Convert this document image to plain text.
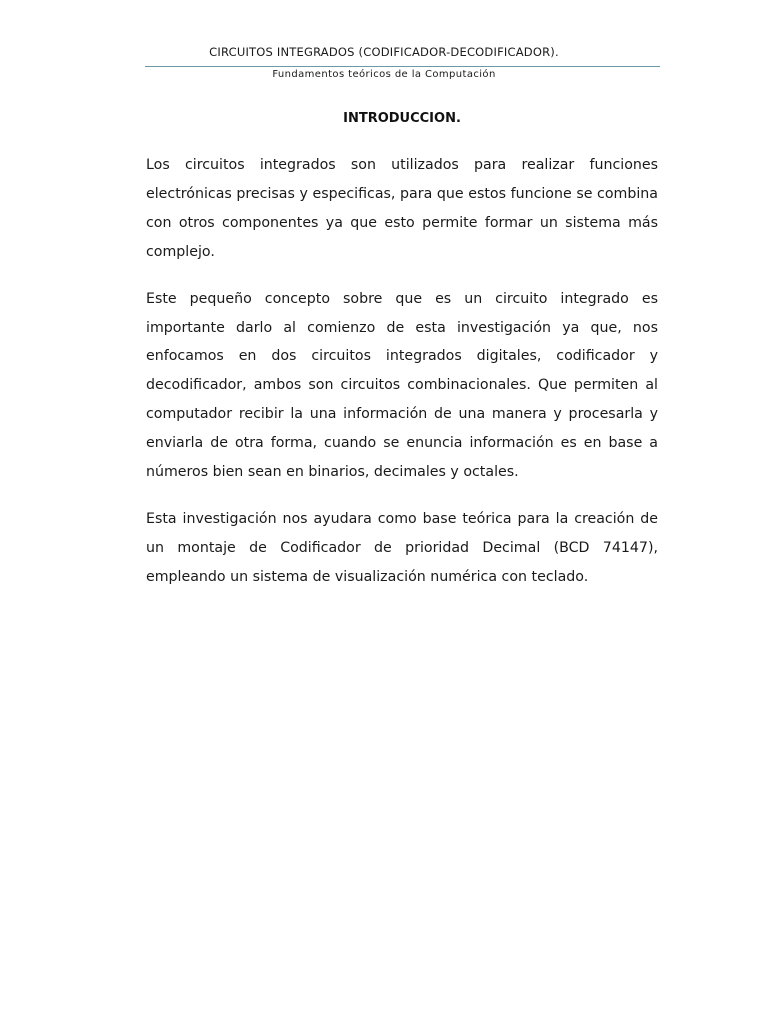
CIRCUITOS INTEGRADOS (CODIFICADOR-DECODIFICADOR).
Fundamentos teóricos de la Computación
INTRODUCCION.

Los circuitos integrados son utilizados para realizar funciones electrónicas precisas y especificas, para que estos funcione se combina con otros componentes ya que esto permite formar un sistema más complejo.

Este pequeño concepto sobre que es un circuito integrado es importante darlo al comienzo de esta investigación ya que, nos enfocamos en dos circuitos integrados digitales, codificador y decodificador, ambos son circuitos combinacionales. Que permiten al computador recibir la una información de una manera y procesarla y enviarla de otra forma, cuando se enuncia información es en base a números bien sean en binarios, decimales y octales.

Esta investigación nos ayudara como base teórica para la creación de un montaje de Codificador de prioridad Decimal (BCD 74147), empleando un sistema de visualización numérica con teclado.
